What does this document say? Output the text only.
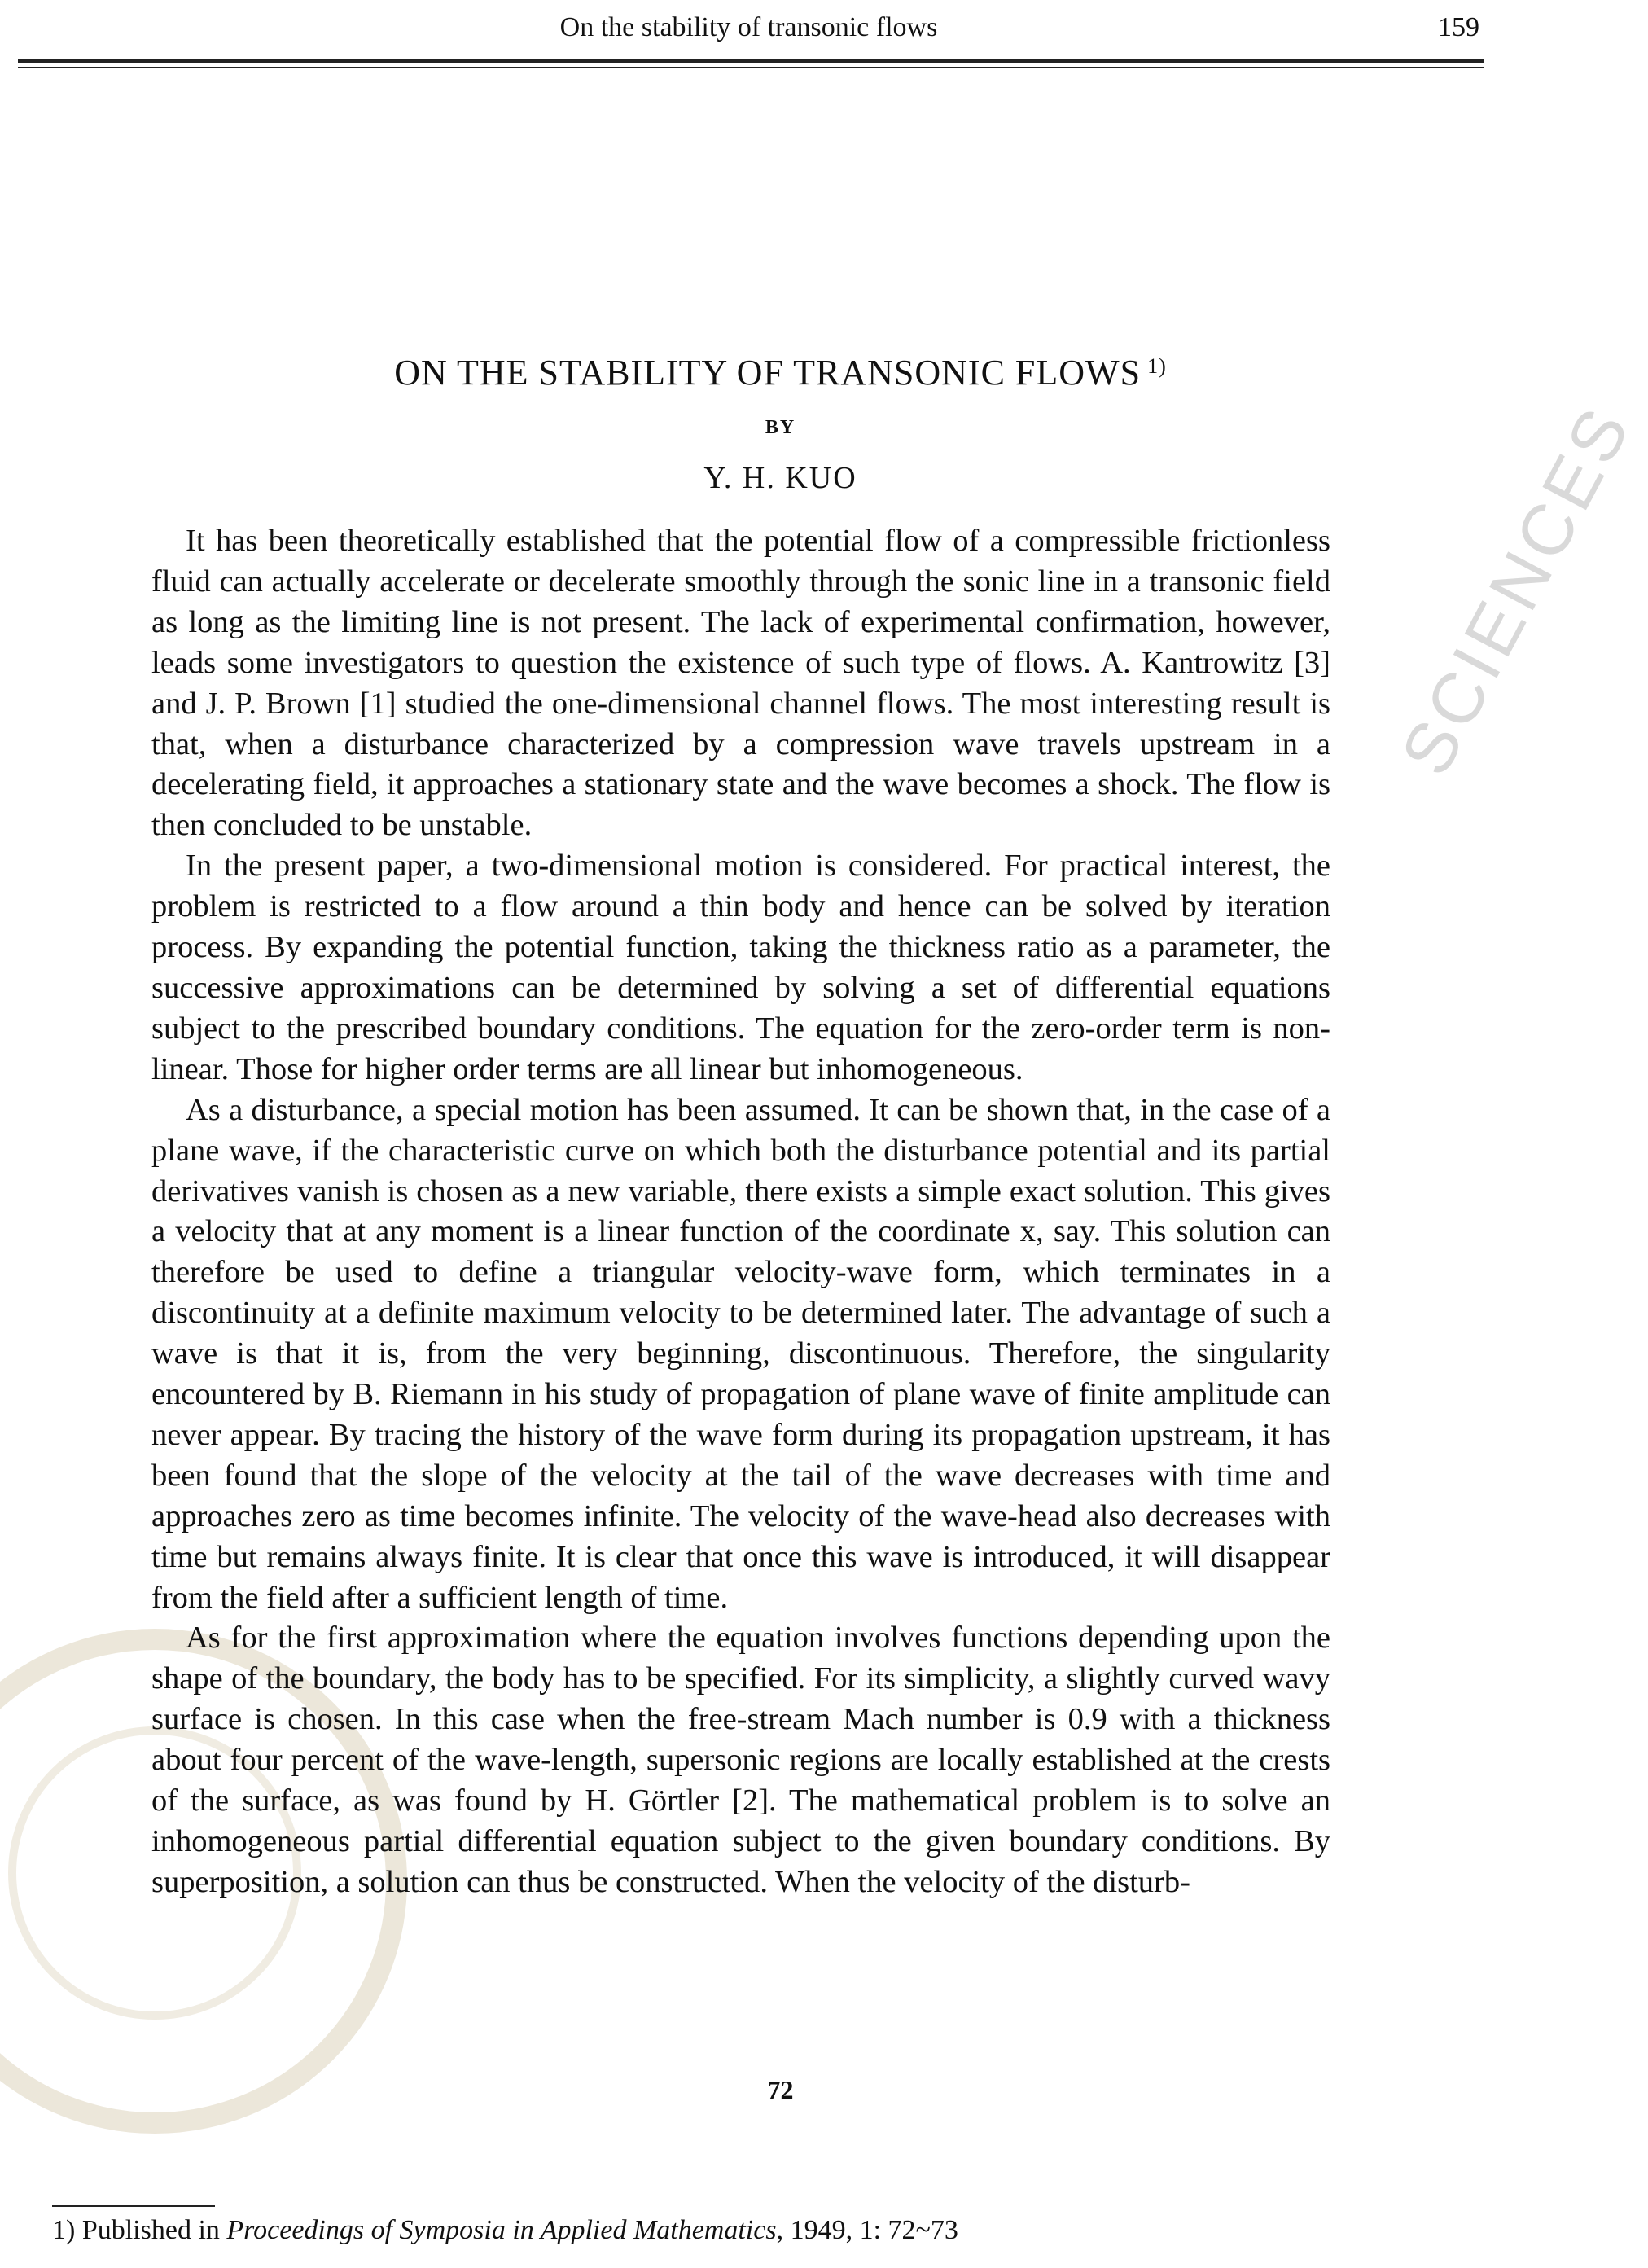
On the stability of transonic flows	159
SCIENCES
ON THE STABILITY OF TRANSONIC FLOWS $^{1)}$
BY
Y. H. KUO

It has been theoretically established that the potential flow of a compressible frictionless fluid can actually accelerate or decelerate smoothly through the sonic line in a transonic field as long as the limiting line is not present. The lack of experimental confirmation, however, leads some investigators to question the existence of such type of flows. A. Kantrowitz [3] and J. P. Brown [1] studied the one-dimensional channel flows. The most interesting result is that, when a disturbance characterized by a compression wave travels upstream in a decelerating field, it approaches a stationary state and the wave becomes a shock. The flow is then concluded to be unstable.

In the present paper, a two-dimensional motion is considered. For practical interest, the problem is restricted to a flow around a thin body and hence can be solved by iteration process. By expanding the potential function, taking the thickness ratio as a parameter, the successive approximations can be determined by solving a set of differential equations subject to the prescribed boundary conditions. The equation for the zero-order term is non-linear. Those for higher order terms are all linear but inhomogeneous.

As a disturbance, a special motion has been assumed. It can be shown that, in the case of a plane wave, if the characteristic curve on which both the disturbance potential and its partial derivatives vanish is chosen as a new variable, there exists a simple exact solution. This gives a velocity that at any moment is a linear function of the coordinate x, say. This solution can therefore be used to define a triangular velocity-wave form, which terminates in a discontinuity at a definite maximum velocity to be determined later. The advantage of such a wave is that it is, from the very beginning, discontinuous. Therefore, the singularity encountered by B. Riemann in his study of propagation of plane wave of finite amplitude can never appear. By tracing the history of the wave form during its propagation upstream, it has been found that the slope of the velocity at the tail of the wave decreases with time and approaches zero as time becomes infinite. The velocity of the wave-head also decreases with time but remains always finite. It is clear that once this wave is introduced, it will disappear from the field after a sufficient length of time.

As for the first approximation where the equation involves functions depending upon the shape of the boundary, the body has to be specified. For its simplicity, a slightly curved wavy surface is chosen. In this case when the free-stream Mach number is 0.9 with a thickness about four percent of the wave-length, supersonic regions are locally established at the crests of the surface, as was found by H. Görtler [2]. The mathematical problem is to solve an inhomogeneous partial differential equation subject to the given boundary conditions. By superposition, a solution can thus be constructed. When the velocity of the disturb-

72
1) Published in Proceedings of Symposia in Applied Mathematics, 1949, 1: 72~73
